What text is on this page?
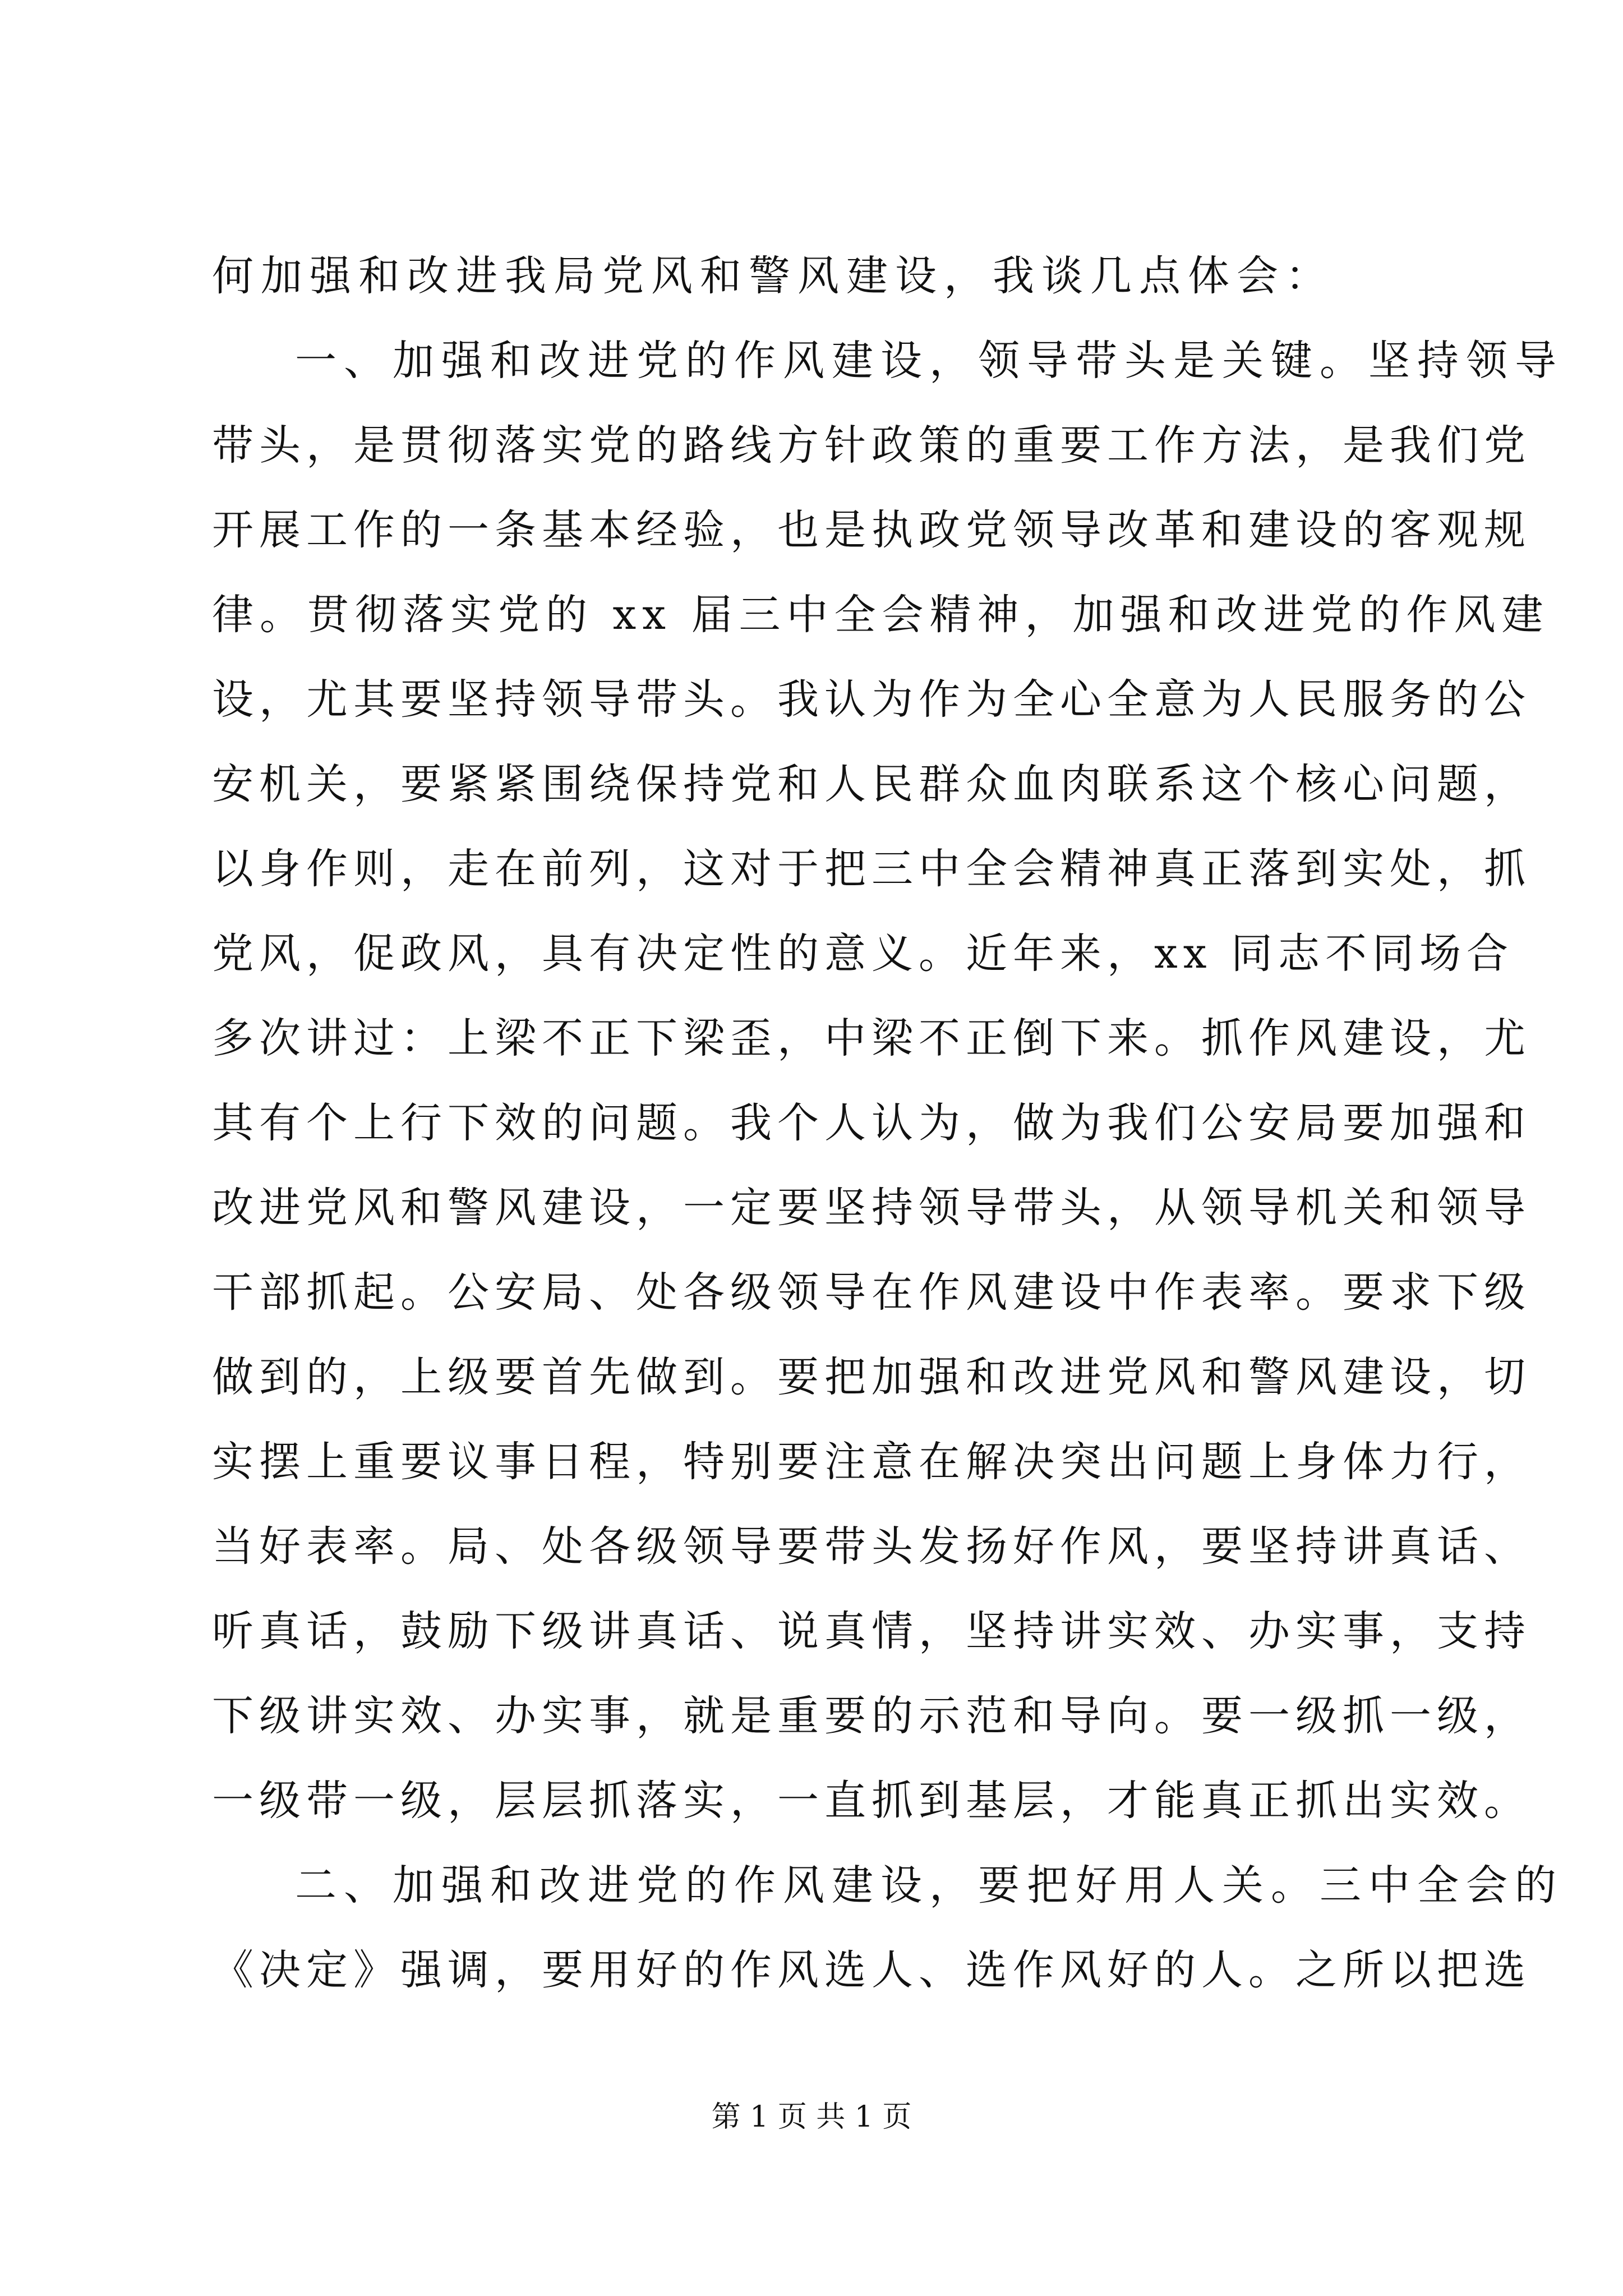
何加强和改进我局党风和警风建设，我谈几点体会：
一、加强和改进党的作风建设，领导带头是关键。坚持领导
带头，是贯彻落实党的路线方针政策的重要工作方法，是我们党
开展工作的一条基本经验，也是执政党领导改革和建设的客观规
律。贯彻落实党的 xx 届三中全会精神，加强和改进党的作风建
设，尤其要坚持领导带头。我认为作为全心全意为人民服务的公
安机关，要紧紧围绕保持党和人民群众血肉联系这个核心问题，
以身作则，走在前列，这对于把三中全会精神真正落到实处，抓
党风，促政风，具有决定性的意义。近年来，xx 同志不同场合
多次讲过：上梁不正下梁歪，中梁不正倒下来。抓作风建设，尤
其有个上行下效的问题。我个人认为，做为我们公安局要加强和
改进党风和警风建设，一定要坚持领导带头，从领导机关和领导
干部抓起。公安局、处各级领导在作风建设中作表率。要求下级
做到的，上级要首先做到。要把加强和改进党风和警风建设，切
实摆上重要议事日程，特别要注意在解决突出问题上身体力行，
当好表率。局、处各级领导要带头发扬好作风，要坚持讲真话、
听真话，鼓励下级讲真话、说真情，坚持讲实效、办实事，支持
下级讲实效、办实事，就是重要的示范和导向。要一级抓一级，
一级带一级，层层抓落实，一直抓到基层，才能真正抓出实效。
二、加强和改进党的作风建设，要把好用人关。三中全会的
《决定》强调，要用好的作风选人、选作风好的人。之所以把选
第 1 页 共 1 页
